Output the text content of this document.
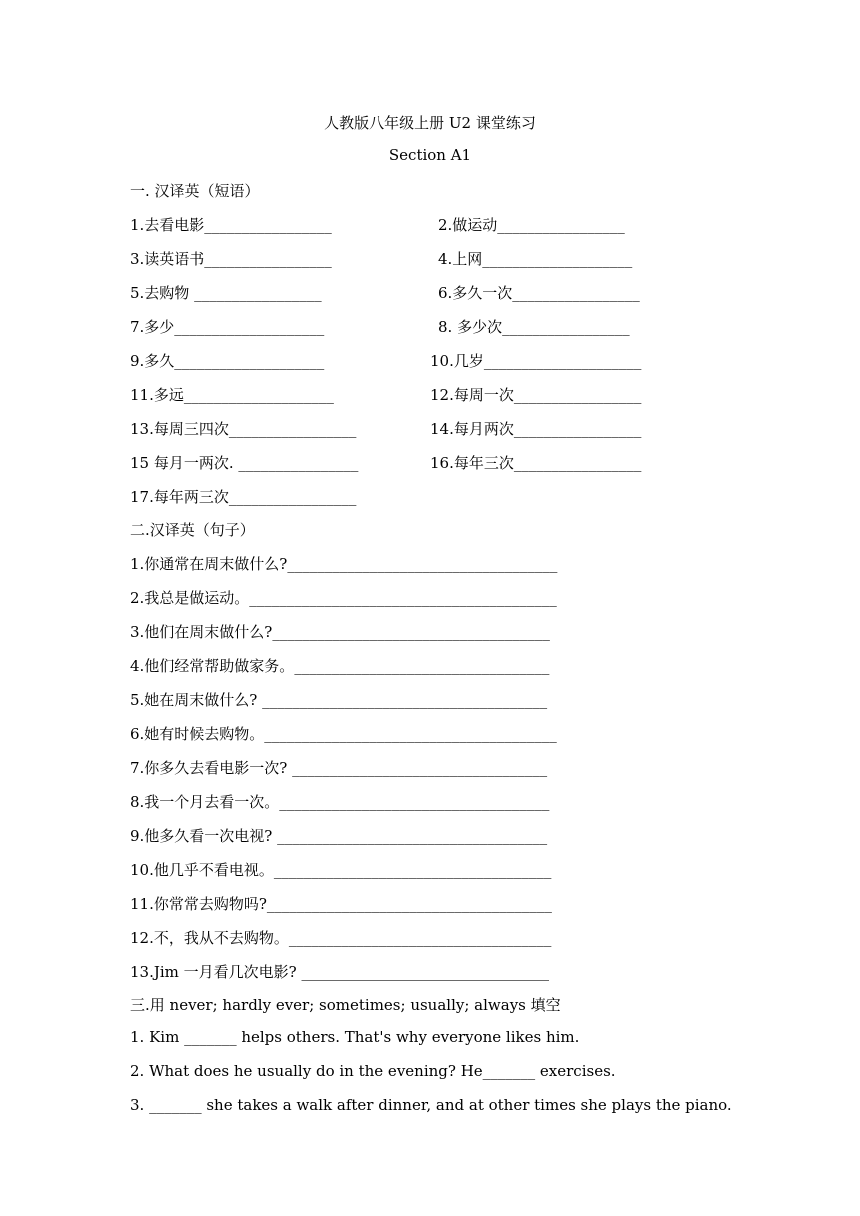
人教版八年级上册 U2 课堂练习
Section A1
一. 汉译英（短语）
1.去看电影_________________	2.做运动_________________
3.读英语书_________________	4.上网____________________
5.去购物 _________________	6.多久一次_________________
7.多少____________________	8. 多少次_________________
9.多久____________________	10.几岁_____________________
11.多远____________________	12.每周一次_________________
13.每周三四次_________________	14.每月两次_________________
15 每月一两次. ________________	16.每年三次_________________
17.每年两三次_________________
二.汉译英（句子）
1.你通常在周末做什么?____________________________________
2.我总是做运动。_________________________________________
3.他们在周末做什么?_____________________________________
4.他们经常帮助做家务。__________________________________
5.她在周末做什么? ______________________________________
6.她有时候去购物。_______________________________________
7.你多久去看电影一次? __________________________________
8.我一个月去看一次。____________________________________
9.他多久看一次电视? ____________________________________
10.他几乎不看电视。_____________________________________
11.你常常去购物吗?______________________________________
12.不，我从不去购物。___________________________________
13.Jim 一月看几次电影? _________________________________
三.用 never; hardly ever; sometimes; usually; always 填空
1. Kim _______ helps others. That's why everyone likes him.
2. What does he usually do in the evening? He_______ exercises.
3. _______ she takes a walk after dinner, and at other times she plays the piano.
